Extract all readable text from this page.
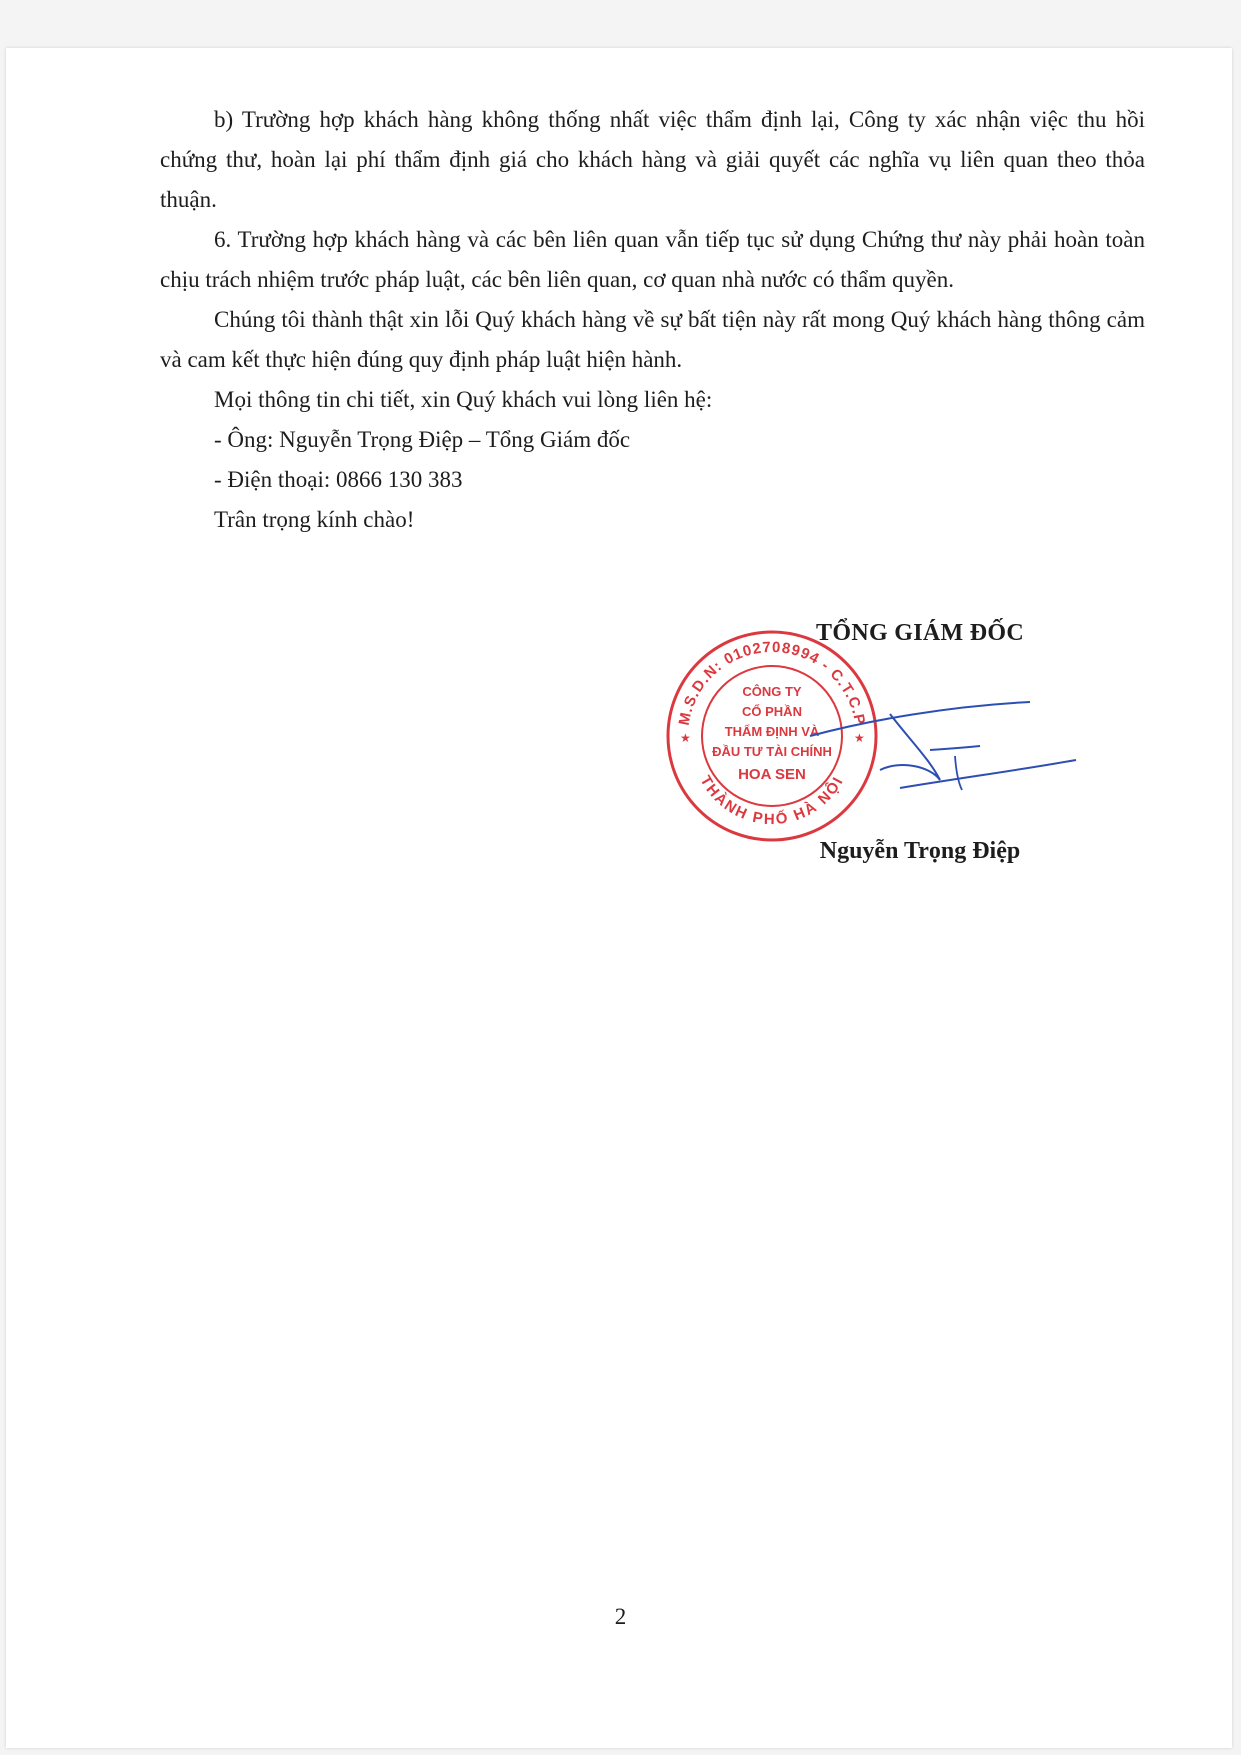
b) Trường hợp khách hàng không thống nhất việc thẩm định lại, Công ty xác nhận việc thu hồi chứng thư, hoàn lại phí thẩm định giá cho khách hàng và giải quyết các nghĩa vụ liên quan theo thỏa thuận.

6. Trường hợp khách hàng và các bên liên quan vẫn tiếp tục sử dụng Chứng thư này phải hoàn toàn chịu trách nhiệm trước pháp luật, các bên liên quan, cơ quan nhà nước có thẩm quyền.

Chúng tôi thành thật xin lỗi Quý khách hàng về sự bất tiện này rất mong Quý khách hàng thông cảm và cam kết thực hiện đúng quy định pháp luật hiện hành.

Mọi thông tin chi tiết, xin Quý khách vui lòng liên hệ:

- Ông: Nguyễn Trọng Điệp – Tổng Giám đốc

- Điện thoại: 0866 130 383

Trân trọng kính chào!

M.S.D.N: 0102708994 - C.T.C.P
THÀNH PHỐ HÀ NỘI
★	★
CÔNG TY
CỔ PHẦN
THẨM ĐỊNH VÀ
ĐẦU TƯ TÀI CHÍNH
HOA SEN
TỔNG GIÁM ĐỐC
Nguyễn Trọng Điệp
2
